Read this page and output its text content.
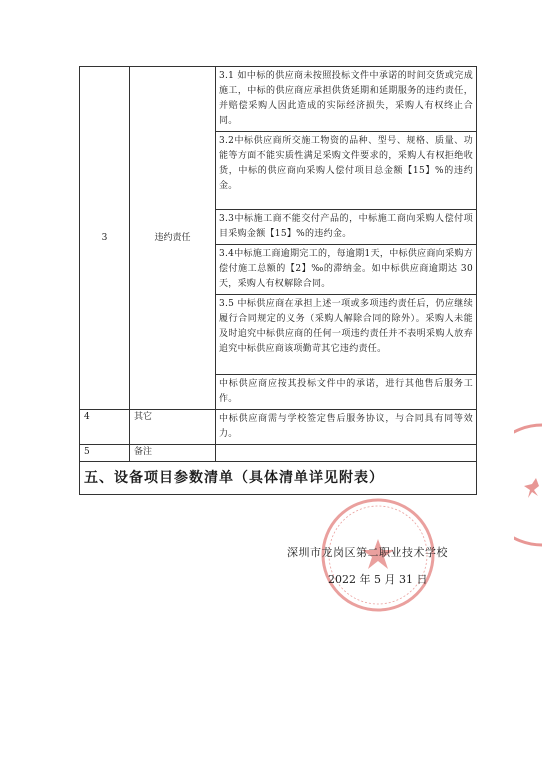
3	违约责任	3.1 如中标的供应商未按照投标文件中承诺的时间交货或完成施工，中标的供应商应承担供货延期和延期服务的违约责任，并赔偿采购人因此造成的实际经济损失，采购人有权终止合同。
		3.2中标供应商所交施工物资的品种、型号、规格、质量、功能等方面不能实质性满足采购文件要求的，采购人有权拒绝收货，中标的供应商向采购人偿付项目总金额【15】%的违约金。
		3.3中标施工商不能交付产品的，中标施工商向采购人偿付项目采购金额【15】%的违约金。
		3.4中标施工商逾期完工的，每逾期1天，中标供应商向采购方偿付施工总额的【2】‰的滞纳金。如中标供应商逾期达 30 天，采购人有权解除合同。
		3.5 中标供应商在承担上述一项或多项违约责任后，仍应继续履行合同规定的义务（采购人解除合同的除外）。采购人未能及时追究中标供应商的任何一项违约责任并不表明采购人放弃追究中标供应商该项勤苛其它违约责任。
		中标供应商应按其投标文件中的承诺，进行其他售后服务工作。
4	其它	中标供应商需与学校签定售后服务协议，与合同具有同等效力。
5	备注	
五、设备项目参数清单（具体清单详见附表）		
深圳市龙岗区第二职业技术学校
2022 年 5 月 31 日
